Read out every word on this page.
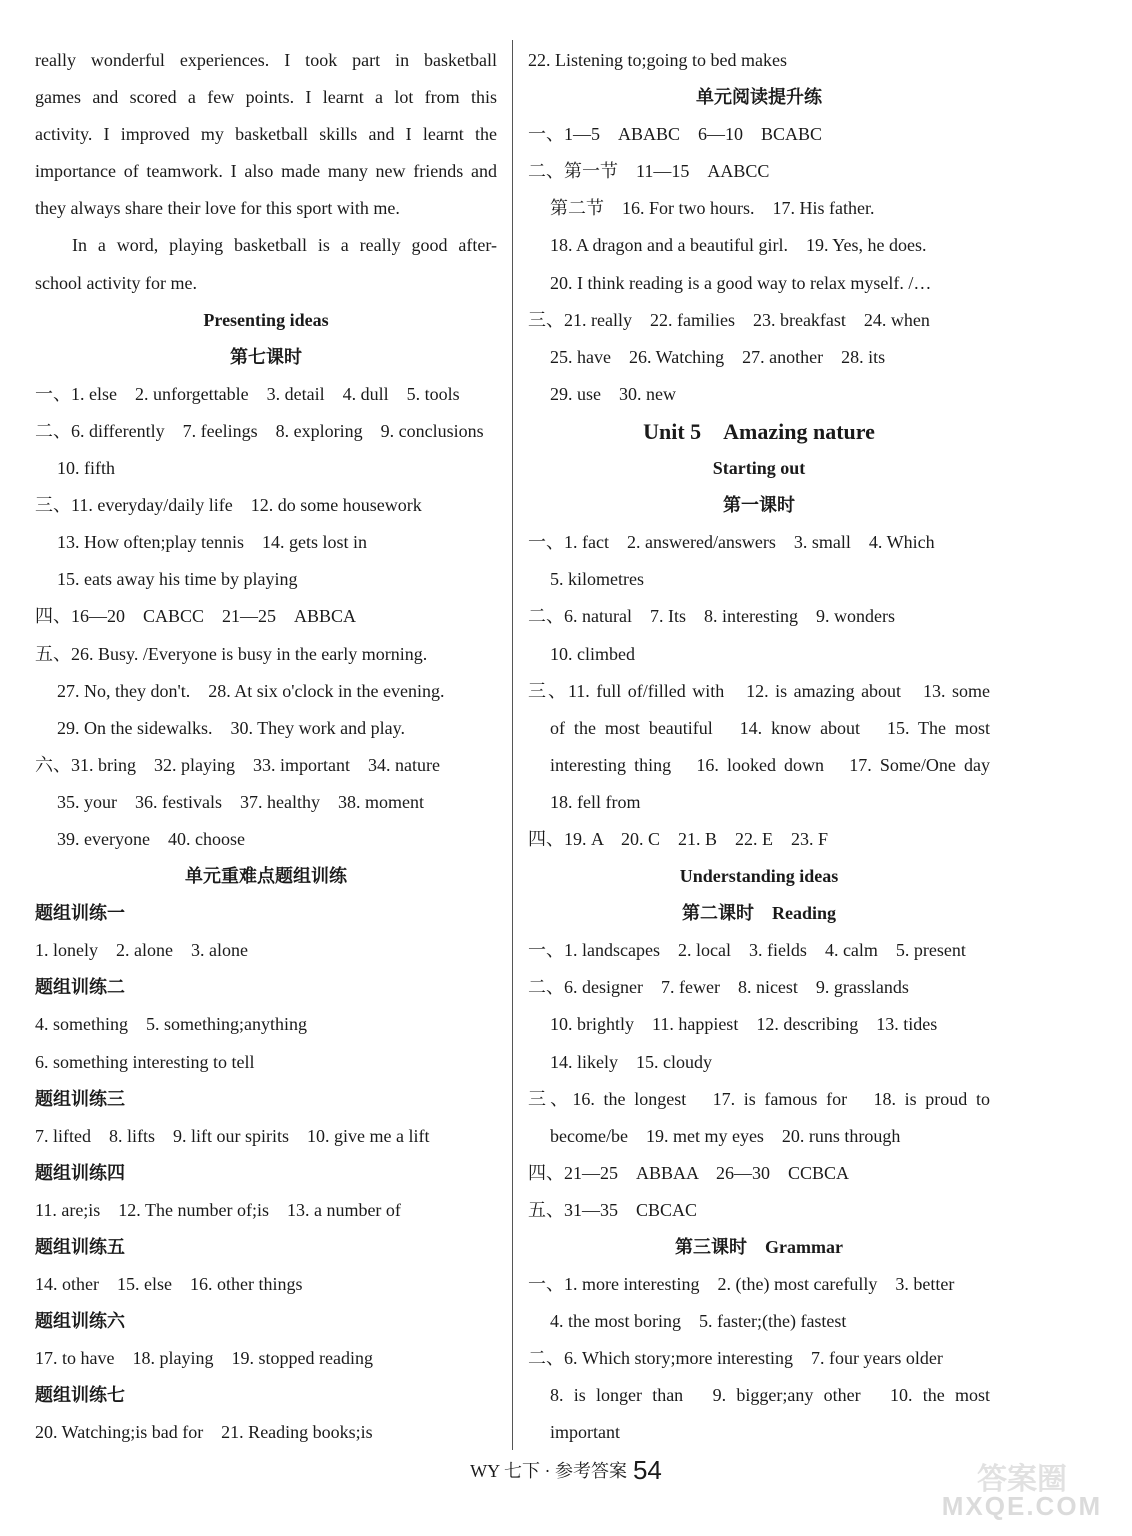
really wonderful experiences. I took part in basketball
games and scored a few points. I learnt a lot from this
activity. I improved my basketball skills and I learnt the
importance of teamwork. I also made many new friends and
they always share their love for this sport with me.
In a word, playing basketball is a really good after-
school activity for me.
Presenting ideas
第七课时
一、1. else　2. unforgettable　3. detail　4. dull　5. tools
二、6. differently　7. feelings　8. exploring　9. conclusions
10. fifth
三、11. everyday/daily life　12. do some housework
13. How often;play tennis　14. gets lost in
15. eats away his time by playing
四、16—20　CABCC　21—25　ABBCA
五、26. Busy. /Everyone is busy in the early morning.
27. No, they don't.　28. At six o'clock in the evening.
29. On the sidewalks.　30. They work and play.
六、31. bring　32. playing　33. important　34. nature
35. your　36. festivals　37. healthy　38. moment
39. everyone　40. choose
单元重难点题组训练
题组训练一
1. lonely　2. alone　3. alone
题组训练二
4. something　5. something;anything
6. something interesting to tell
题组训练三
7. lifted　8. lifts　9. lift our spirits　10. give me a lift
题组训练四
11. are;is　12. The number of;is　13. a number of
题组训练五
14. other　15. else　16. other things
题组训练六
17. to have　18. playing　19. stopped reading
题组训练七
20. Watching;is bad for　21. Reading books;is
22. Listening to;going to bed makes
单元阅读提升练
一、1—5　ABABC　6—10　BCABC
二、第一节　11—15　AABCC
第二节　16. For two hours.　17. His father.
18. A dragon and a beautiful girl.　19. Yes, he does.
20. I think reading is a good way to relax myself. /…
三、21. really　22. families　23. breakfast　24. when
25. have　26. Watching　27. another　28. its
29. use　30. new
Unit 5　Amazing nature
Starting out
第一课时
一、1. fact　2. answered/answers　3. small　4. Which
5. kilometres
二、6. natural　7. Its　8. interesting　9. wonders
10. climbed
三、11. full of/filled with　12. is amazing about　13. some
of the most beautiful　14. know about　15. The most
interesting thing　16. looked down　17. Some/One day
18. fell from
四、19. A　20. C　21. B　22. E　23. F
Understanding ideas
第二课时　Reading
一、1. landscapes　2. local　3. fields　4. calm　5. present
二、6. designer　7. fewer　8. nicest　9. grasslands
10. brightly　11. happiest　12. describing　13. tides
14. likely　15. cloudy
三、16. the longest　17. is famous for　18. is proud to
become/be　19. met my eyes　20. runs through
四、21—25　ABBAA　26—30　CCBCA
五、31—35　CBCAC
第三课时　Grammar
一、1. more interesting　2. (the) most carefully　3. better
4. the most boring　5. faster;(the) fastest
二、6. Which story;more interesting　7. four years older
8. is longer than　9. bigger;any other　10. the most
important
WY 七下 · 参考答案 54	答案圈
MXQE.COM
